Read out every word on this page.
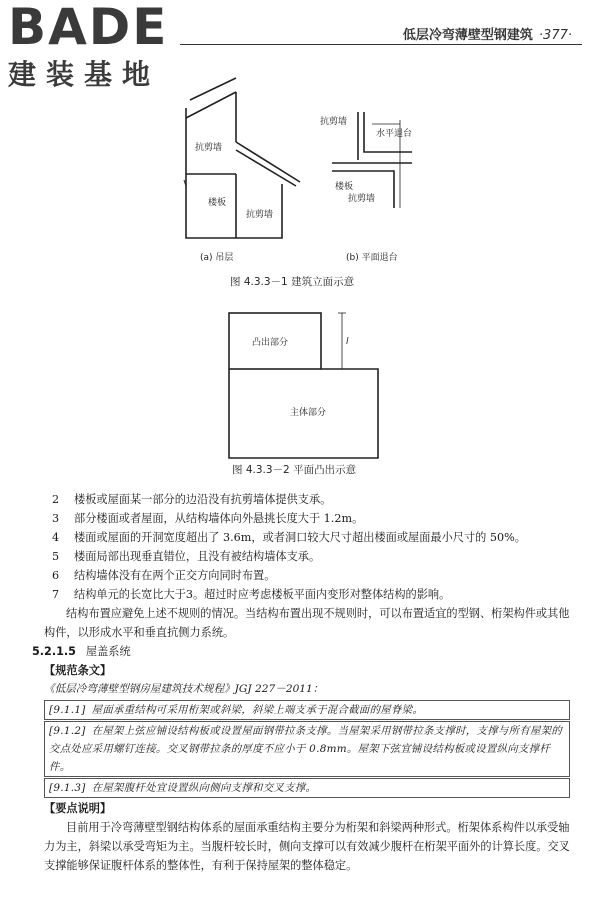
BADE
建装基地
低层冷弯薄壁型钢建筑 ·377·
抗剪墙
楼板
抗剪墙
(a) 吊层
抗剪墙
水平退台
楼板
抗剪墙
(b) 平面退台
图 4.3.3－1 建筑立面示意
凸出部分
主体部分
l
图 4.3.3－2 平面凸出示意

2 楼板或屋面某一部分的边沿没有抗剪墙体提供支承。

3 部分楼面或者屋面，从结构墙体向外悬挑长度大于 1.2m。

4 楼面或屋面的开洞宽度超出了 3.6m，或者洞口较大尺寸超出楼面或屋面最小尺寸的 50%。

5 楼面局部出现垂直错位，且没有被结构墙体支承。

6 结构墙体没有在两个正交方向同时布置。

7 结构单元的长宽比大于3。超过时应考虑楼板平面内变形对整体结构的影响。

结构布置应避免上述不规则的情况。当结构布置出现不规则时，可以布置适宜的型钢、桁架构件或其他构件，以形成水平和垂直抗侧力系统。

5.2.1.5 屋盖系统

【规范条文】

《低层冷弯薄壁型钢房屋建筑技术规程》JGJ 227－2011：

[9.1.1] 屋面承重结构可采用桁架或斜梁，斜梁上端支承于混合截面的屋脊梁。

[9.1.2] 在屋架上弦应铺设结构板或设置屋面钢带拉条支撑。当屋架采用钢带拉条支撑时，支撑与所有屋架的交点处应采用螺钉连接。交叉钢带拉条的厚度不应小于 0.8mm。屋架下弦宜铺设结构板或设置纵向支撑杆件。

[9.1.3] 在屋架腹杆处宜设置纵向侧向支撑和交叉支撑。

【要点说明】

目前用于冷弯薄壁型钢结构体系的屋面承重结构主要分为桁架和斜梁两种形式。桁架体系构件以承受轴力为主，斜梁以承受弯矩为主。当腹杆较长时，侧向支撑可以有效减少腹杆在桁架平面外的计算长度。交叉支撑能够保证腹杆体系的整体性，有利于保持屋架的整体稳定。
